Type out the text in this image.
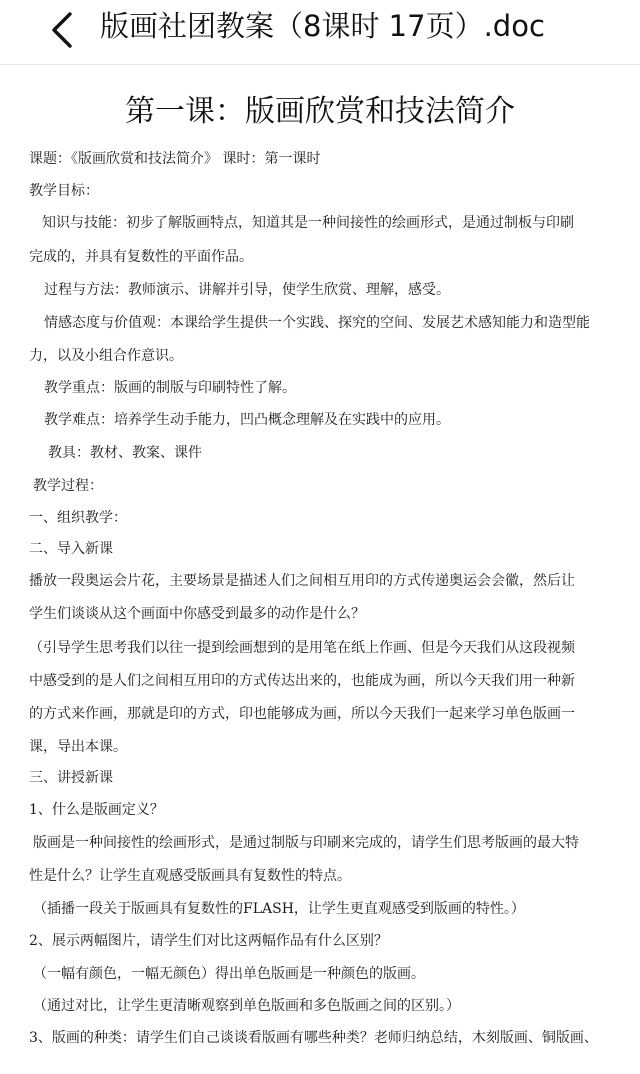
版画社团教案（8课时 17页）.doc
第一课：版画欣赏和技法简介
课题：《版画欣赏和技法简介》 课时：第一课时
教学目标：
知识与技能：初步了解版画特点，知道其是一种间接性的绘画形式，是通过制板与印刷
完成的，并具有复数性的平面作品。
过程与方法：教师演示、讲解并引导，使学生欣赏、理解，感受。
情感态度与价值观：本课给学生提供一个实践、探究的空间、发展艺术感知能力和造型能
力，以及小组合作意识。
教学重点：版画的制版与印刷特性了解。
教学难点：培养学生动手能力，凹凸概念理解及在实践中的应用。
教具：教材、教案、课件
教学过程：
一、组织教学：
二、导入新课
播放一段奥运会片花，主要场景是描述人们之间相互用印的方式传递奥运会会徽，然后让
学生们谈谈从这个画面中你感受到最多的动作是什么？
（引导学生思考我们以往一提到绘画想到的是用笔在纸上作画、但是今天我们从这段视频
中感受到的是人们之间相互用印的方式传达出来的，也能成为画，所以今天我们用一种新
的方式来作画，那就是印的方式，印也能够成为画，所以今天我们一起来学习单色版画一
课，导出本课。
三、讲授新课
1、什么是版画定义？
版画是一种间接性的绘画形式，是通过制版与印刷来完成的，请学生们思考版画的最大特
性是什么？让学生直观感受版画具有复数性的特点。
（插播一段关于版画具有复数性的FLASH，让学生更直观感受到版画的特性。）
2、展示两幅图片，请学生们对比这两幅作品有什么区别？
（一幅有颜色，一幅无颜色）得出单色版画是一种颜色的版画。
（通过对比，让学生更清晰观察到单色版画和多色版画之间的区别。）
3、版画的种类：请学生们自己谈谈看版画有哪些种类？老师归纳总结，木刻版画、铜版画、
